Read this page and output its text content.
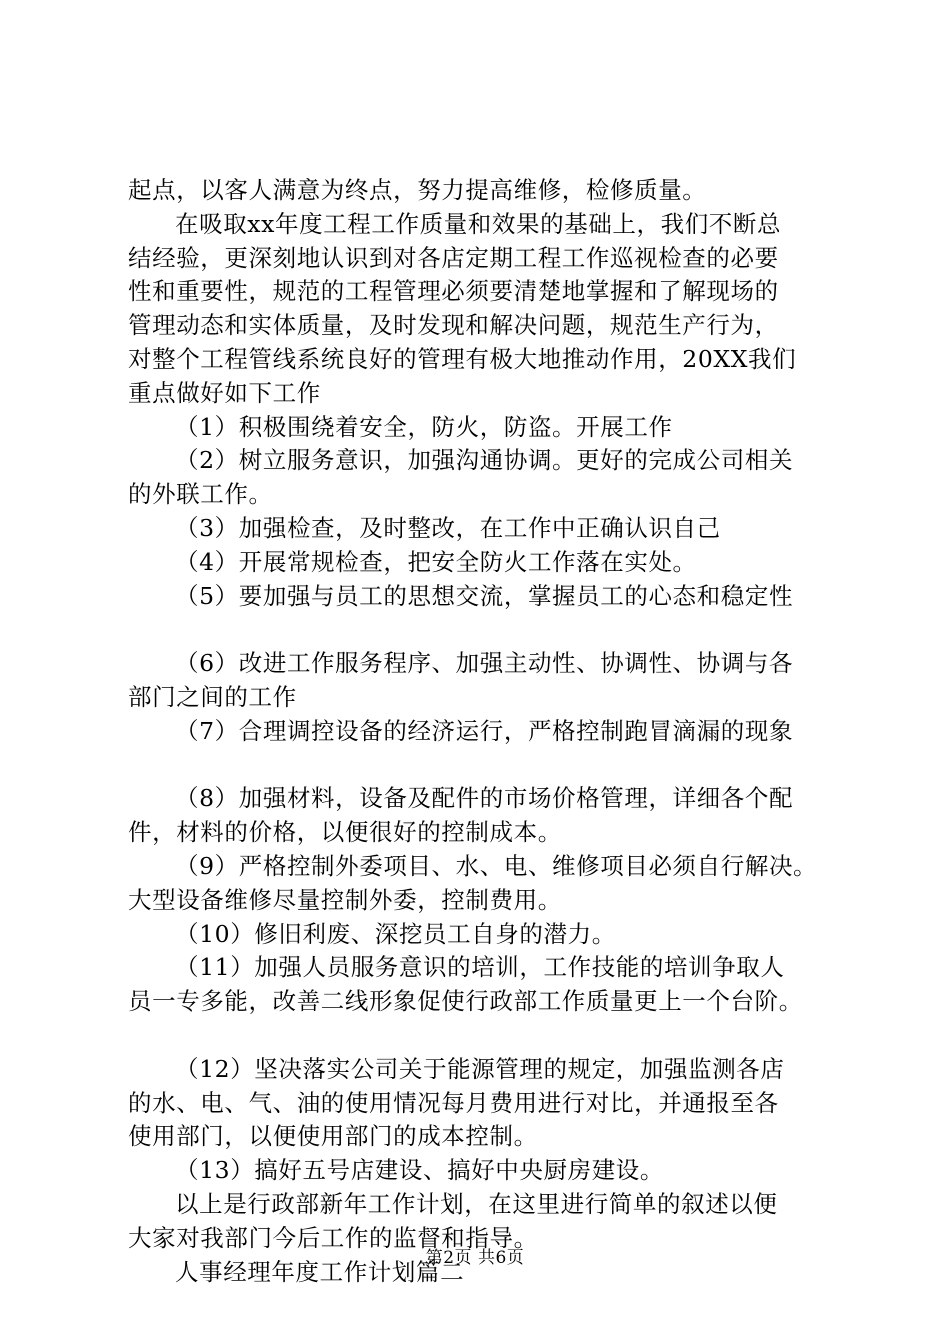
起点，以客人满意为终点，努力提高维修，检修质量。
在吸取xx年度工程工作质量和效果的基础上，我们不断总
结经验，更深刻地认识到对各店定期工程工作巡视检查的必要
性和重要性，规范的工程管理必须要清楚地掌握和了解现场的
管理动态和实体质量，及时发现和解决问题，规范生产行为，
对整个工程管线系统良好的管理有极大地推动作用，20XX我们
重点做好如下工作
（1）积极围绕着安全，防火，防盗。开展工作
（2）树立服务意识，加强沟通协调。更好的完成公司相关
的外联工作。
（3）加强检查，及时整改，在工作中正确认识自己
（4）开展常规检查，把安全防火工作落在实处。
（5）要加强与员工的思想交流，掌握员工的心态和稳定性
（6）改进工作服务程序、加强主动性、协调性、协调与各
部门之间的工作
（7）合理调控设备的经济运行，严格控制跑冒滴漏的现象
（8）加强材料，设备及配件的市场价格管理，详细各个配
件，材料的价格，以便很好的控制成本。
（9）严格控制外委项目、水、电、维修项目必须自行解决。
大型设备维修尽量控制外委，控制费用。
（10）修旧利废、深挖员工自身的潜力。
（11）加强人员服务意识的培训，工作技能的培训争取人
员一专多能，改善二线形象促使行政部工作质量更上一个台阶。
（12）坚决落实公司关于能源管理的规定，加强监测各店
的水、电、气、油的使用情况每月费用进行对比，并通报至各
使用部门，以便使用部门的成本控制。
（13）搞好五号店建设、搞好中央厨房建设。
以上是行政部新年工作计划，在这里进行简单的叙述以便
大家对我部门今后工作的监督和指导。
人事经理年度工作计划篇二
第2页 共6页
